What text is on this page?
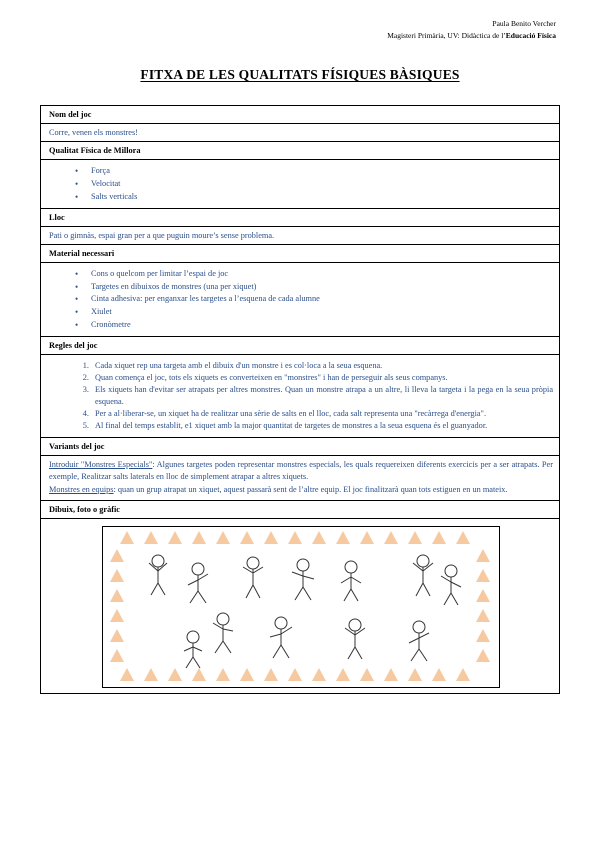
Paula Benito Vercher
Magisteri Primària, UV: Didàctica de l’Educació Física
FITXA DE LES QUALITATS FÍSIQUES BÀSIQUES
Nom del joc
Corre, venen els monstres!
Qualitat Física de Millora

• Força
• Velocitat
• Salts verticals

Lloc
Pati o gimnàs, espai gran per a que puguin moure’s sense problema.
Material necessari

• Cons o quelcom per limitar l’espai de joc
• Targetes en dibuixos de monstres (una per xiquet)
• Cinta adhesiva: per enganxar les targetes a l’esquena de cada alumne
• Xiulet
• Cronòmetre

Regles del joc

1. Cada xiquet rep una targeta amb el dibuix d'un monstre i es col·loca a la seua esquena.
2. Quan comença el joc, tots els xiquets es converteixen en "monstres" i han de perseguir als seus companys.
3. Els xiquets han d'evitar ser atrapats per altres monstres. Quan un monstre atrapa a un altre, li lleva la targeta i la pega en la seua pròpia esquena.
4. Per a al·liberar-se, un xiquet ha de realitzar una sèrie de salts en el lloc, cada salt representa una "recàrrega d'energia".
5. Al final del temps establit, e1 xiquet amb la major quantitat de targetes de monstres a la seua esquena és el guanyador.

Variants del joc

Introduir "Monstres Especials": Algunes targetes poden representar monstres especials, les quals requereixen diferents exercicis per a ser atrapats. Per exemple, Realitzar salts laterals en lloc de simplement atrapar a altres xiquets.

Monstres en equips: quan un grup atrapat un xiquet, aquest passarà sent de l’altre equip. El joc finalitzarà quan tots estiguen en un mateix.

Dibuix, foto o gràfic
